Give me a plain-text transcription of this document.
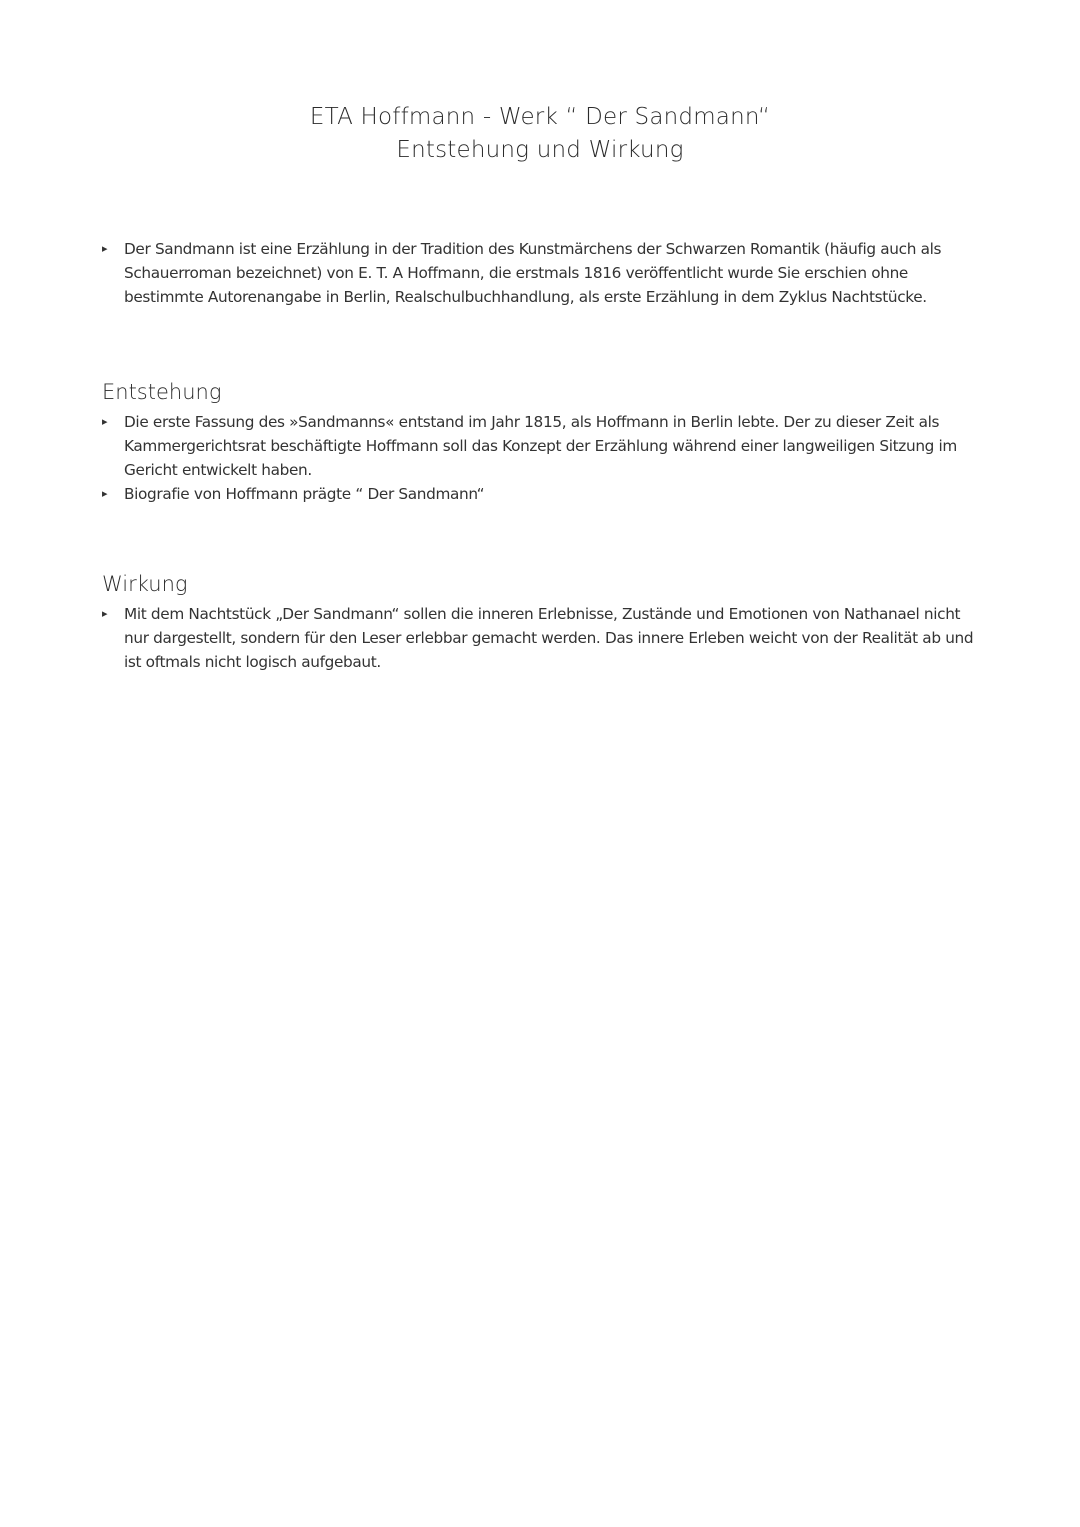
ETA Hoffmann - Werk “ Der Sandmann“
Entstehung und Wirkung
▸ Der Sandmann ist eine Erzählung in der Tradition des Kunstmärchens der Schwarzen Romantik (häufig auch als Schauerroman bezeichnet) von E. T. A Hoffmann, die erstmals 1816 veröffentlicht wurde Sie erschien ohne bestimmte Autorenangabe in Berlin, Realschulbuchhandlung, als erste Erzählung in dem Zyklus Nachtstücke.
Entstehung
▸ Die erste Fassung des »Sandmanns« entstand im Jahr 1815, als Hoffmann in Berlin lebte. Der zu dieser Zeit als Kammergerichtsrat beschäftigte Hoffmann soll das Konzept der Erzählung während einer langweiligen Sitzung im Gericht entwickelt haben.
▸ Biografie von Hoffmann prägte “ Der Sandmann“
Wirkung
▸ Mit dem Nachtstück „Der Sandmann“ sollen die inneren Erlebnisse, Zustände und Emotionen von Nathanael nicht nur dargestellt, sondern für den Leser erlebbar gemacht werden. Das innere Erleben weicht von der Realität ab und ist oftmals nicht logisch aufgebaut.
